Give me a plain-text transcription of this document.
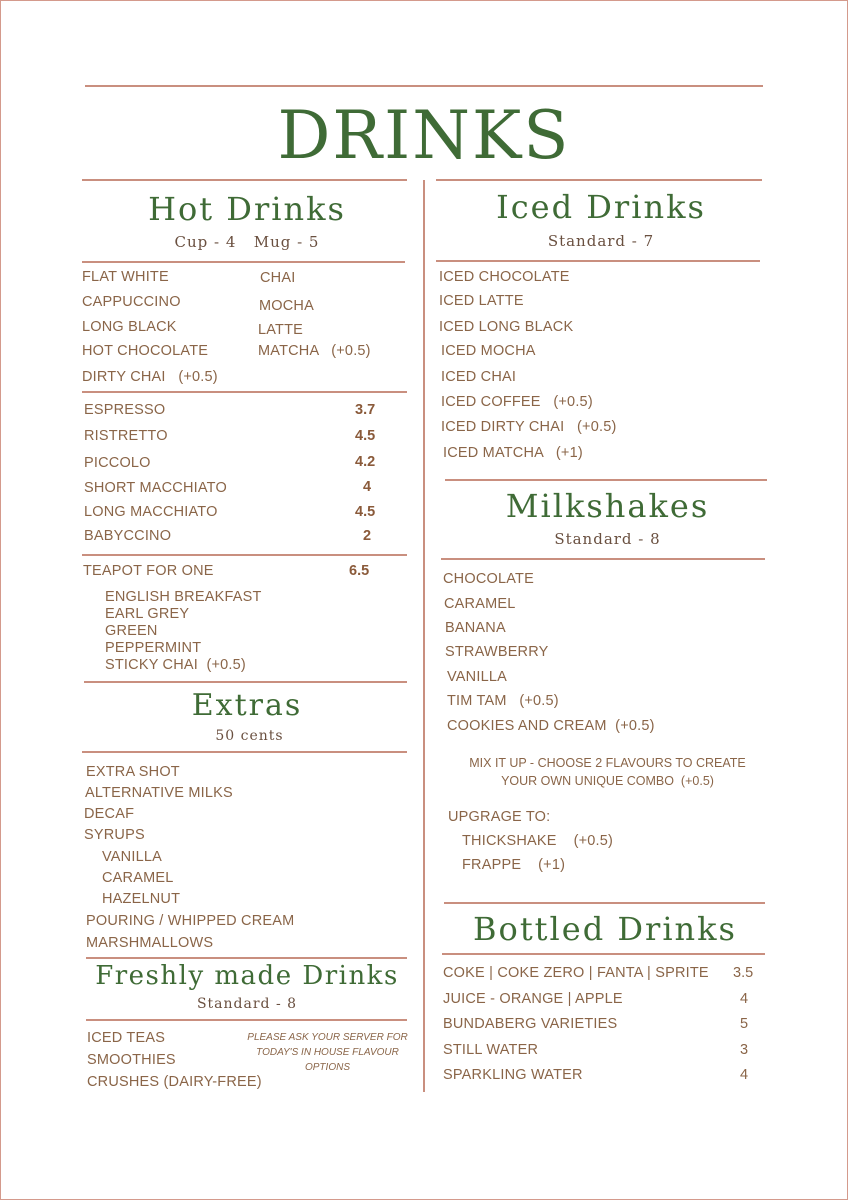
DRINKS
Hot Drinks
Cup - 4   Mug - 5
FLAT WHITE
CAPPUCCINO
LONG BLACK
HOT CHOCOLATE
DIRTY CHAI   (+0.5)
CHAI
MOCHA
LATTE
MATCHA   (+0.5)
ESPRESSO	3.7
RISTRETTO	4.5
PICCOLO	4.2
SHORT MACCHIATO	4
LONG MACCHIATO	4.5
BABYCCINO	2
TEAPOT FOR ONE	6.5
ENGLISH BREAKFAST
EARL GREY
GREEN
PEPPERMINT
STICKY CHAI  (+0.5)
Extras
50 cents
EXTRA SHOT
ALTERNATIVE MILKS
DECAF
SYRUPS
VANILLA
CARAMEL
HAZELNUT
POURING / WHIPPED CREAM
MARSHMALLOWS
Freshly made Drinks
Standard - 8
ICED TEAS
SMOOTHIES
CRUSHES (DAIRY-FREE)
PLEASE ASK YOUR SERVER FOR
TODAY'S IN HOUSE FLAVOUR
OPTIONS
Iced Drinks
Standard - 7
ICED CHOCOLATE
ICED LATTE
ICED LONG BLACK
ICED MOCHA
ICED CHAI
ICED COFFEE   (+0.5)
ICED DIRTY CHAI   (+0.5)
ICED MATCHA   (+1)
Milkshakes
Standard - 8
CHOCOLATE
CARAMEL
BANANA
STRAWBERRY
VANILLA
TIM TAM   (+0.5)
COOKIES AND CREAM  (+0.5)
MIX IT UP - CHOOSE 2 FLAVOURS TO CREATE
YOUR OWN UNIQUE COMBO  (+0.5)
UPGRAGE TO:
THICKSHAKE    (+0.5)
FRAPPE    (+1)
Bottled Drinks
COKE | COKE ZERO | FANTA | SPRITE 3.5
JUICE - ORANGE | APPLE	4
BUNDABERG VARIETIES	5
STILL WATER	3
SPARKLING WATER	4
